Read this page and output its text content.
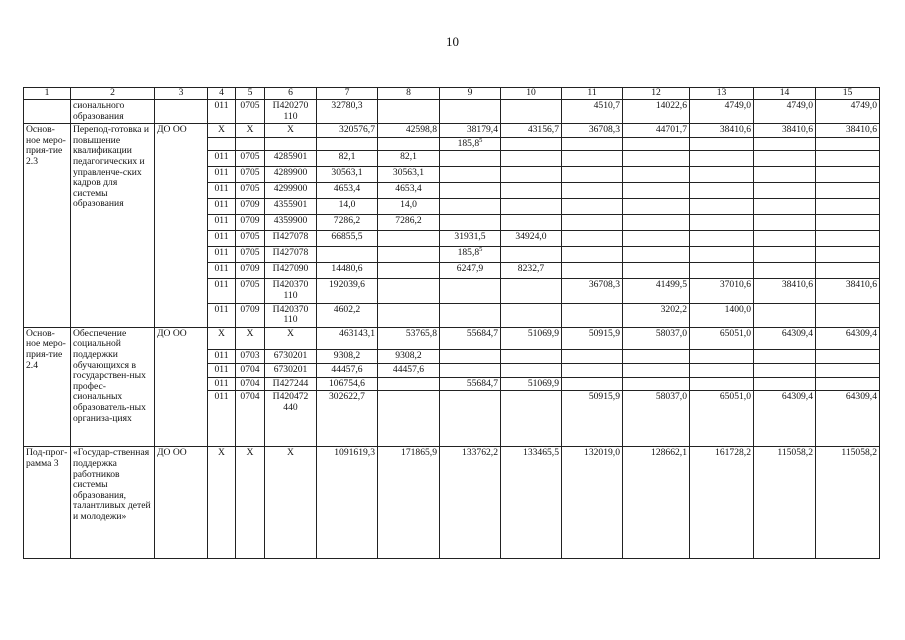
10
1	2	3	4	5	6	7	8	9	10	11	12	13	14	15
	сионального образования		011	0705	П420270 110	32780,3				4510,7	14022,6	4749,0	4749,0	4749,0
Основ-ное меро-прия-тие 2.3	Перепод-готовка и повышение квалификации педагогических и управленче-ских кадров для системы образования	ДО ОО	X	X	X	320576,7	42598,8	38179,4	43156,7	36708,3	44701,7	38410,6	38410,6	38410,6
								185,8$^5$						
			011	0705	4285901	82,1	82,1							
			011	0705	4289900	30563,1	30563,1							
			011	0705	4299900	4653,4	4653,4							
			011	0709	4355901	14,0	14,0							
			011	0709	4359900	7286,2	7286,2							
			011	0705	П427078	66855,5		31931,5	34924,0					
			011	0705	П427078			185,8$^5$						
			011	0709	П427090	14480,6		6247,9	8232,7					
			011	0705	П420370 110	192039,6				36708,3	41499,5	37010,6	38410,6	38410,6
			011	0709	П420370 110	4602,2					3202,2	1400,0		
Основ-ное меро-прия-тие 2.4	Обеспечение социальной поддержки обучающихся в государствен-ных профес-сиональных образователь-ных организа-циях	ДО ОО	X	X	X	463143,1	53765,8	55684,7	51069,9	50915,9	58037,0	65051,0	64309,4	64309,4
			011	0703	6730201	9308,2	9308,2							
			011	0704	6730201	44457,6	44457,6							
			011	0704	П427244	106754,6		55684,7	51069,9					
			011	0704	П420472 440	302622,7				50915,9	58037,0	65051,0	64309,4	64309,4
Под-прог-рамма 3	«Государ-ственная поддержка работников системы образования, талантливых детей и молодежи»	ДО ОО	X	X	X	1091619,3	171865,9	133762,2	133465,5	132019,0	128662,1	161728,2	115058,2	115058,2
